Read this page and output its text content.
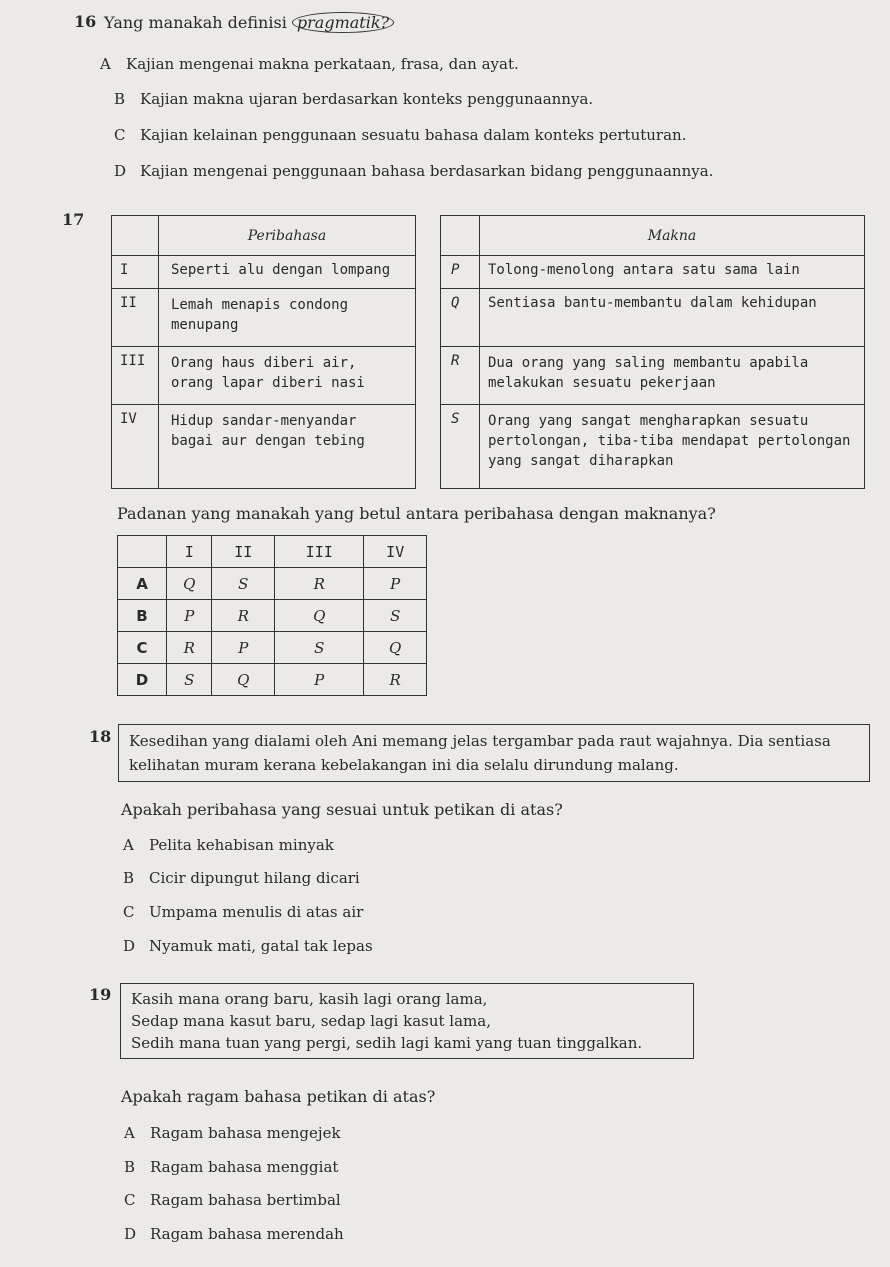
16 Yang manakah definisi pragmatik?
A Kajian mengenai makna perkataan, frasa, dan ayat.
B Kajian makna ujaran berdasarkan konteks penggunaannya.
C Kajian kelainan penggunaan sesuatu bahasa dalam konteks pertuturan.
D Kajian mengenai penggunaan bahasa berdasarkan bidang penggunaannya.
17
	Peribahasa
I	Seperti alu dengan lompang
II	Lemah menapis condong menupang
III	Orang haus diberi air, orang lapar diberi nasi
IV	Hidup sandar-menyandar bagai aur dengan tebing
	Makna
P	Tolong-menolong antara satu sama lain
Q	Sentiasa bantu-membantu dalam kehidupan
R	Dua orang yang saling membantu apabila melakukan sesuatu pekerjaan
S	Orang yang sangat mengharapkan sesuatu pertolongan, tiba-tiba mendapat pertolongan yang sangat diharapkan
Padanan yang manakah yang betul antara peribahasa dengan maknanya?
	I	II	III	IV
A	Q	S	R	P
B	P	R	Q	S
C	R	P	S	Q
D	S	Q	P	R
18 Kesedihan yang dialami oleh Ani memang jelas tergambar pada raut wajahnya. Dia sentiasa
kelihatan muram kerana kebelakangan ini dia selalu dirundung malang.
Apakah peribahasa yang sesuai untuk petikan di atas?
A Pelita kehabisan minyak
B Cicir dipungut hilang dicari
C Umpama menulis di atas air
D Nyamuk mati, gatal tak lepas
19 Kasih mana orang baru, kasih lagi orang lama,
Sedap mana kasut baru, sedap lagi kasut lama,
Sedih mana tuan yang pergi, sedih lagi kami yang tuan tinggalkan.
Apakah ragam bahasa petikan di atas?
A Ragam bahasa mengejek
B Ragam bahasa menggiat
C Ragam bahasa bertimbal
D Ragam bahasa merendah
